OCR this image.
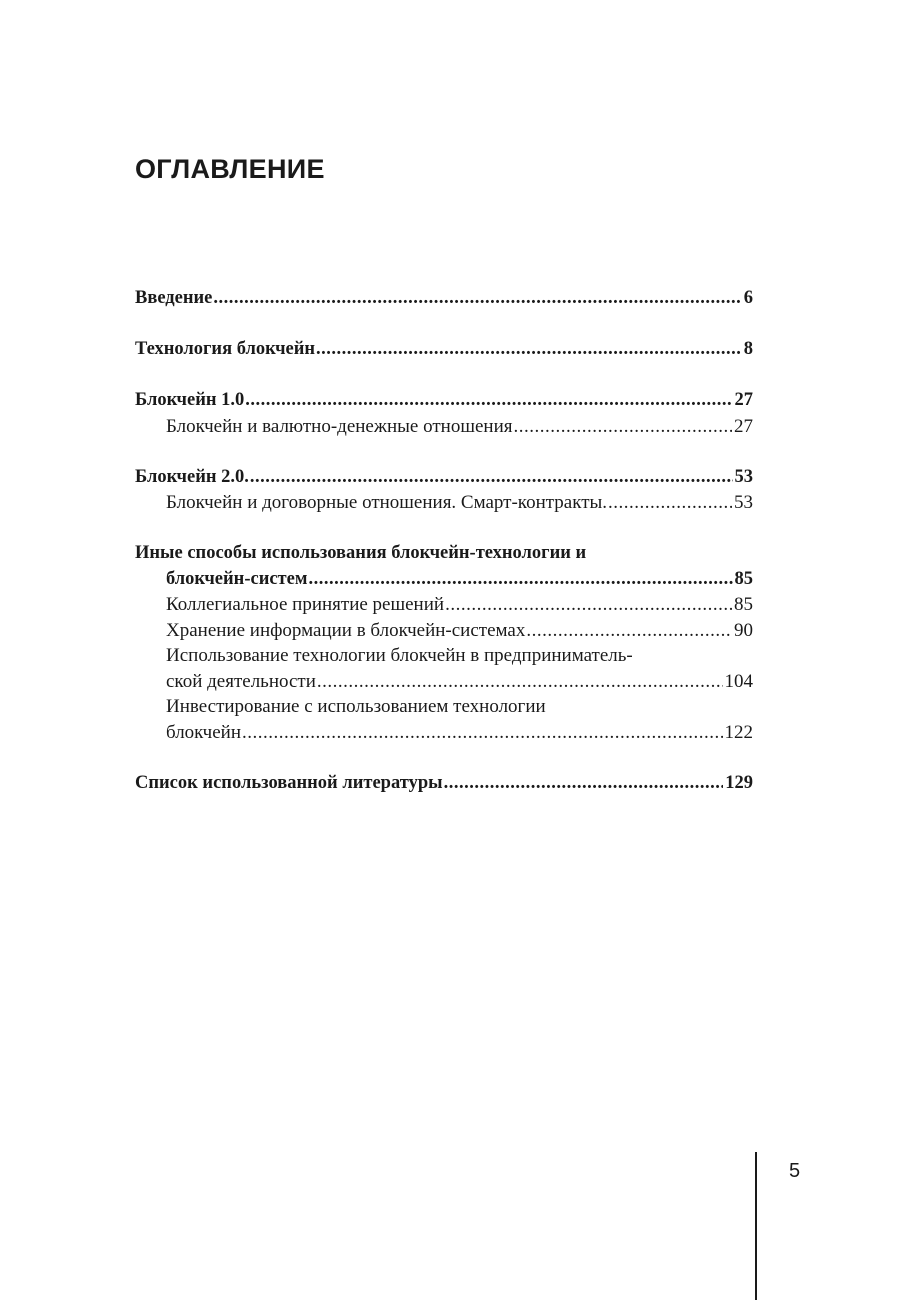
ОГЛАВЛЕНИЕ
Введение .....	6
Технология блокчейн .....	8
Блокчейн 1.0 .....	27
Блокчейн и валютно-денежные отношения .....	27
Блокчейн 2.0. .....	53
Блокчейн и договорные отношения. Смарт-контракты. .....	53
Иные способы использования блокчейн-технологии и
блокчейн-систем .....	85
Коллегиальное принятие решений .....	85
Хранение информации в блокчейн-системах .....	90
Использование технологии блокчейн в предприниматель-
ской деятельности .....	104
Инвестирование с использованием технологии
блокчейн .....	122
Список использованной литературы .....	129
5
